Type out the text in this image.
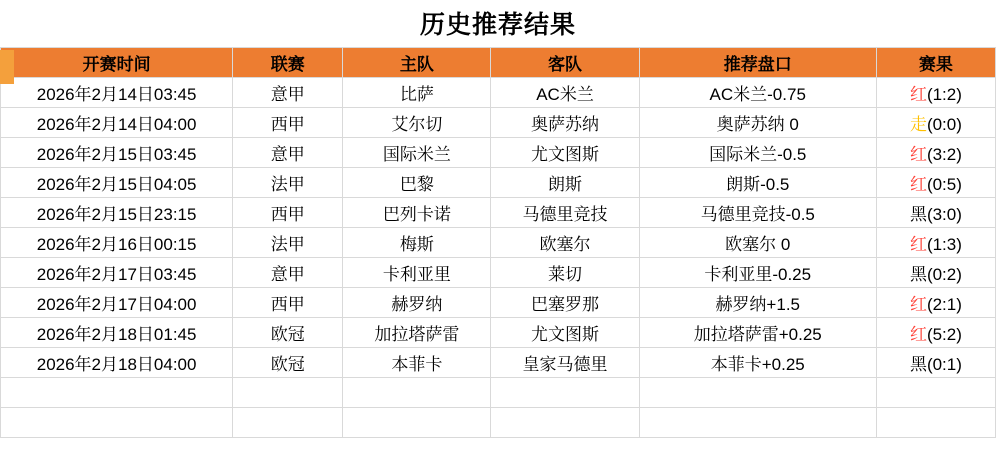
历史推荐结果
开赛时间	联赛	主队	客队	推荐盘口	赛果
2026年2月14日03:45	意甲	比萨	AC米兰	AC米兰-0.75	红(1:2)
2026年2月14日04:00	西甲	艾尔切	奥萨苏纳	奥萨苏纳 0	走(0:0)
2026年2月15日03:45	意甲	国际米兰	尤文图斯	国际米兰-0.5	红(3:2)
2026年2月15日04:05	法甲	巴黎	朗斯	朗斯-0.5	红(0:5)
2026年2月15日23:15	西甲	巴列卡诺	马德里竞技	马德里竞技-0.5	黑(3:0)
2026年2月16日00:15	法甲	梅斯	欧塞尔	欧塞尔 0	红(1:3)
2026年2月17日03:45	意甲	卡利亚里	莱切	卡利亚里-0.25	黑(0:2)
2026年2月17日04:00	西甲	赫罗纳	巴塞罗那	赫罗纳+1.5	红(2:1)
2026年2月18日01:45	欧冠	加拉塔萨雷	尤文图斯	加拉塔萨雷+0.25	红(5:2)
2026年2月18日04:00	欧冠	本菲卡	皇家马德里	本菲卡+0.25	黑(0:1)
